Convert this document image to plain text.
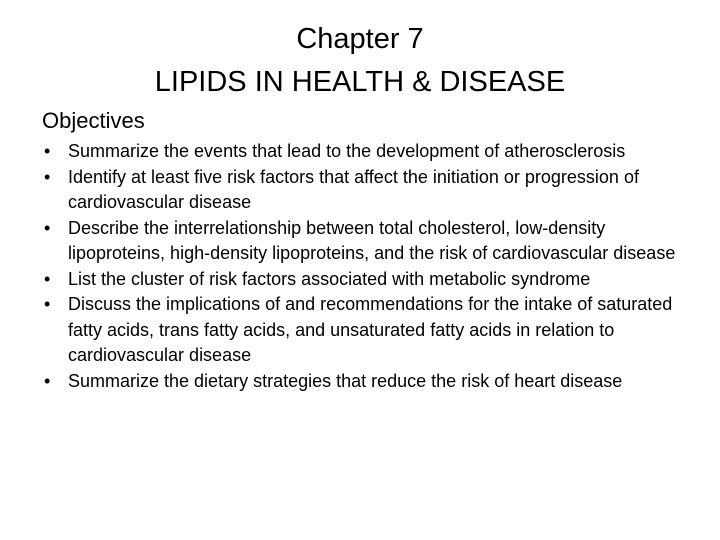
Chapter 7
LIPIDS IN HEALTH & DISEASE
Objectives
• Summarize the events that lead to the development of atherosclerosis
• Identify at least five risk factors that affect the initiation or progression of cardiovascular disease
• Describe the interrelationship between total cholesterol, low-density lipoproteins, high-density lipoproteins, and the risk of cardiovascular disease
• List the cluster of risk factors associated with metabolic syndrome
• Discuss the implications of and recommendations for the intake of saturated fatty acids, trans fatty acids, and unsaturated fatty acids in relation to cardiovascular disease
• Summarize the dietary strategies that reduce the risk of heart disease
